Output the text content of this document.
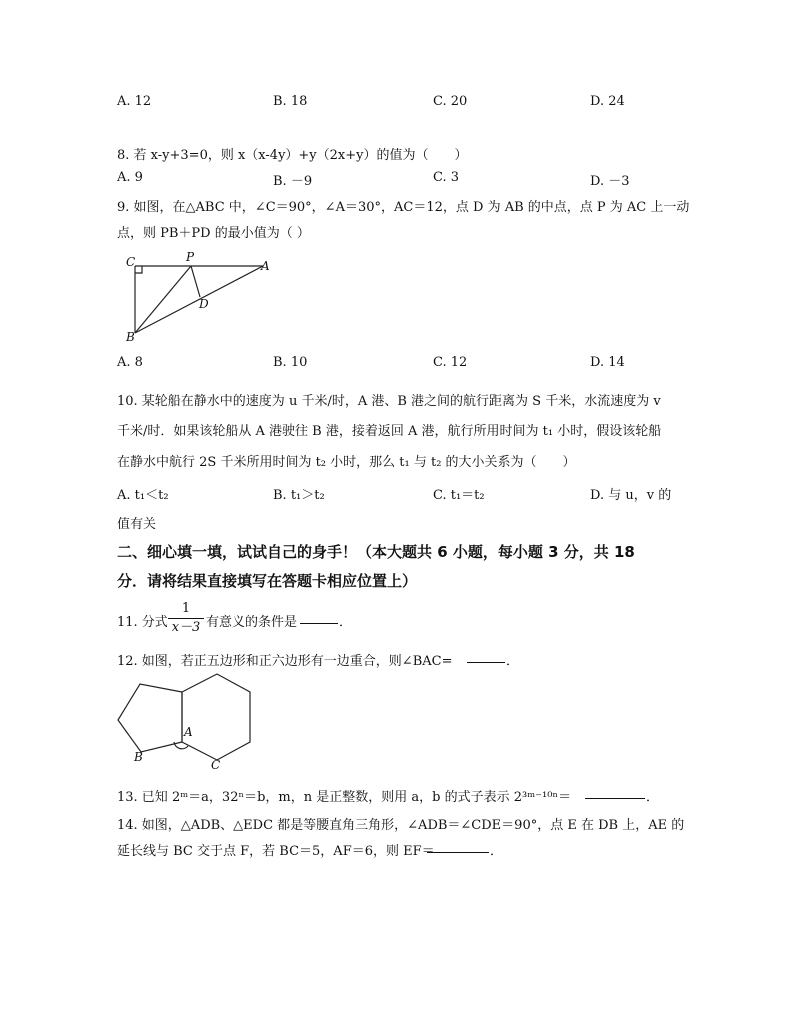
A. 12	B. 18	C. 20	D. 24
8. 若 x-y+3=0，则 x（x-4y）+y（2x+y）的值为（　　）
A. 9	B. －9	C. 3	D. －3
9. 如图，在△ABC 中，∠C＝90°，∠A＝30°，AC＝12，点 D 为 AB 的中点，点 P 为 AC 上一动
点，则 PB＋PD 的最小值为（ ）
C	P
A
D
B
A. 8	B. 10	C. 12	D. 14
10. 某轮船在静水中的速度为 u 千米/时，A 港、B 港之间的航行距离为 S 千米，水流速度为 v
千米/时．如果该轮船从 A 港驶往 B 港，接着返回 A 港，航行所用时间为 t₁ 小时，假设该轮船
在静水中航行 2S 千米所用时间为 t₂ 小时，那么 t₁ 与 t₂ 的大小关系为（　　）
A. t₁＜t₂	B. t₁＞t₂	C. t₁＝t₂	D. 与 u，v 的
值有关
二、细心填一填，试试自己的身手！（本大题共 6 小题，每小题 3 分，共 18
分．请将结果直接填写在答题卡相应位置上）
11. 分式
1
x－3 有意义的条件是	．
12. 如图，若正五边形和正六边形有一边重合，则∠BAC=	．
A
B
C
13. 已知 2ᵐ＝a，32ⁿ＝b，m，n 是正整数，则用 a，b 的式子表示 2³ᵐ⁻¹⁰ⁿ＝	．
14. 如图，△ADB、△EDC 都是等腰直角三角形，∠ADB＝∠CDE＝90°，点 E 在 DB 上，AE 的
延长线与 BC 交于点 F，若 BC＝5，AF＝6，则 EF＝	．
